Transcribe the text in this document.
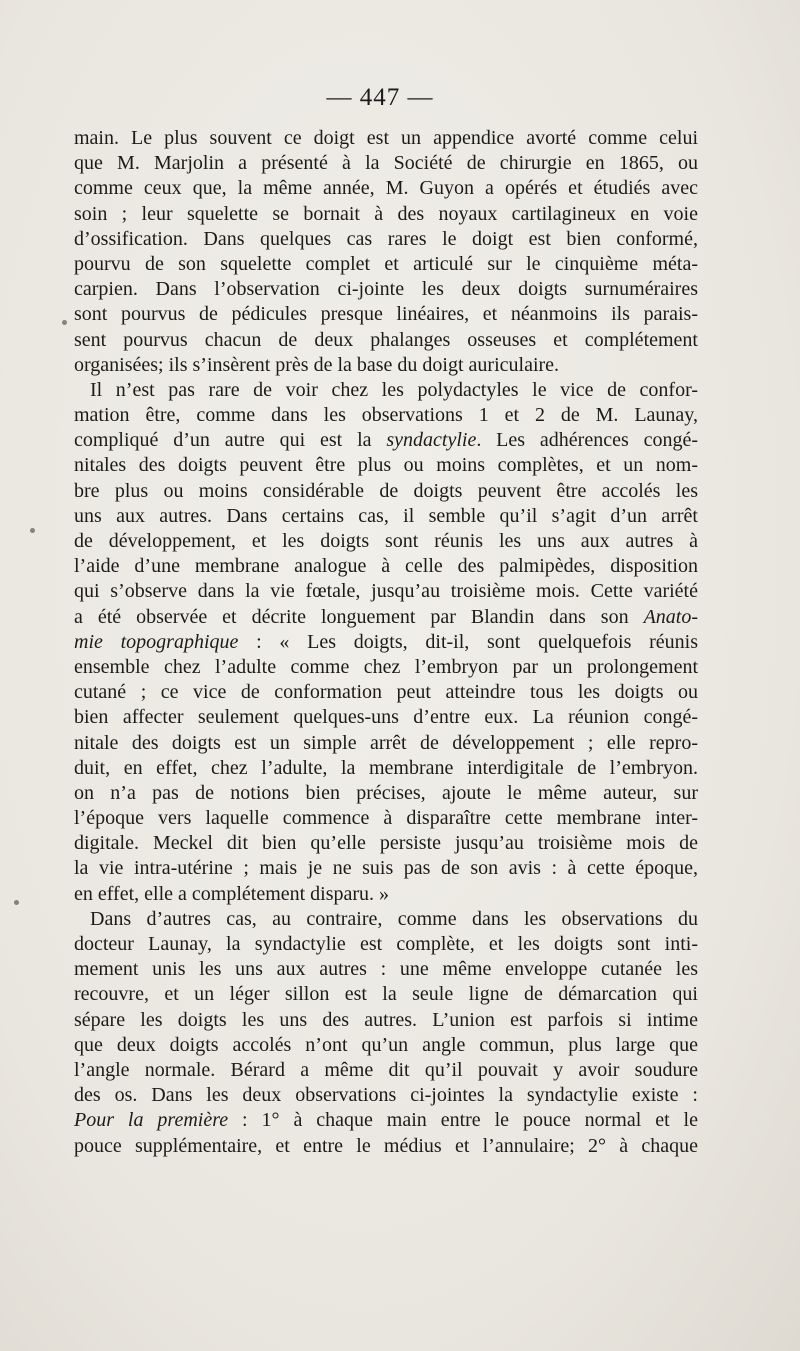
— 447 —
main. Le plus souvent ce doigt est un appendice avorté comme celui
que M. Marjolin a présenté à la Société de chirurgie en 1865, ou
comme ceux que, la même année, M. Guyon a opérés et étudiés avec
soin ; leur squelette se bornait à des noyaux cartilagineux en voie
d’ossification. Dans quelques cas rares le doigt est bien conformé,
pourvu de son squelette complet et articulé sur le cinquième méta-
carpien. Dans l’observation ci-jointe les deux doigts surnuméraires
sont pourvus de pédicules presque linéaires, et néanmoins ils parais-
sent pourvus chacun de deux phalanges osseuses et complétement
organisées; ils s’insèrent près de la base du doigt auriculaire.
Il n’est pas rare de voir chez les polydactyles le vice de confor-
mation être, comme dans les observations 1 et 2 de M. Launay,
compliqué d’un autre qui est la syndactylie. Les adhérences congé-
nitales des doigts peuvent être plus ou moins complètes, et un nom-
bre plus ou moins considérable de doigts peuvent être accolés les
uns aux autres. Dans certains cas, il semble qu’il s’agit d’un arrêt
de développement, et les doigts sont réunis les uns aux autres à
l’aide d’une membrane analogue à celle des palmipèdes, disposition
qui s’observe dans la vie fœtale, jusqu’au troisième mois. Cette variété
a été observée et décrite longuement par Blandin dans son Anato-
mie topographique : « Les doigts, dit-il, sont quelquefois réunis
ensemble chez l’adulte comme chez l’embryon par un prolongement
cutané ; ce vice de conformation peut atteindre tous les doigts ou
bien affecter seulement quelques-uns d’entre eux. La réunion congé-
nitale des doigts est un simple arrêt de développement ; elle repro-
duit, en effet, chez l’adulte, la membrane interdigitale de l’embryon.
on n’a pas de notions bien précises, ajoute le même auteur, sur
l’époque vers laquelle commence à disparaître cette membrane inter-
digitale. Meckel dit bien qu’elle persiste jusqu’au troisième mois de
la vie intra-utérine ; mais je ne suis pas de son avis : à cette époque,
en effet, elle a complétement disparu. »
Dans d’autres cas, au contraire, comme dans les observations du
docteur Launay, la syndactylie est complète, et les doigts sont inti-
mement unis les uns aux autres : une même enveloppe cutanée les
recouvre, et un léger sillon est la seule ligne de démarcation qui
sépare les doigts les uns des autres. L’union est parfois si intime
que deux doigts accolés n’ont qu’un angle commun, plus large que
l’angle normale. Bérard a même dit qu’il pouvait y avoir soudure
des os. Dans les deux observations ci-jointes la syndactylie existe :
Pour la première : 1° à chaque main entre le pouce normal et le
pouce supplémentaire, et entre le médius et l’annulaire; 2° à chaque
